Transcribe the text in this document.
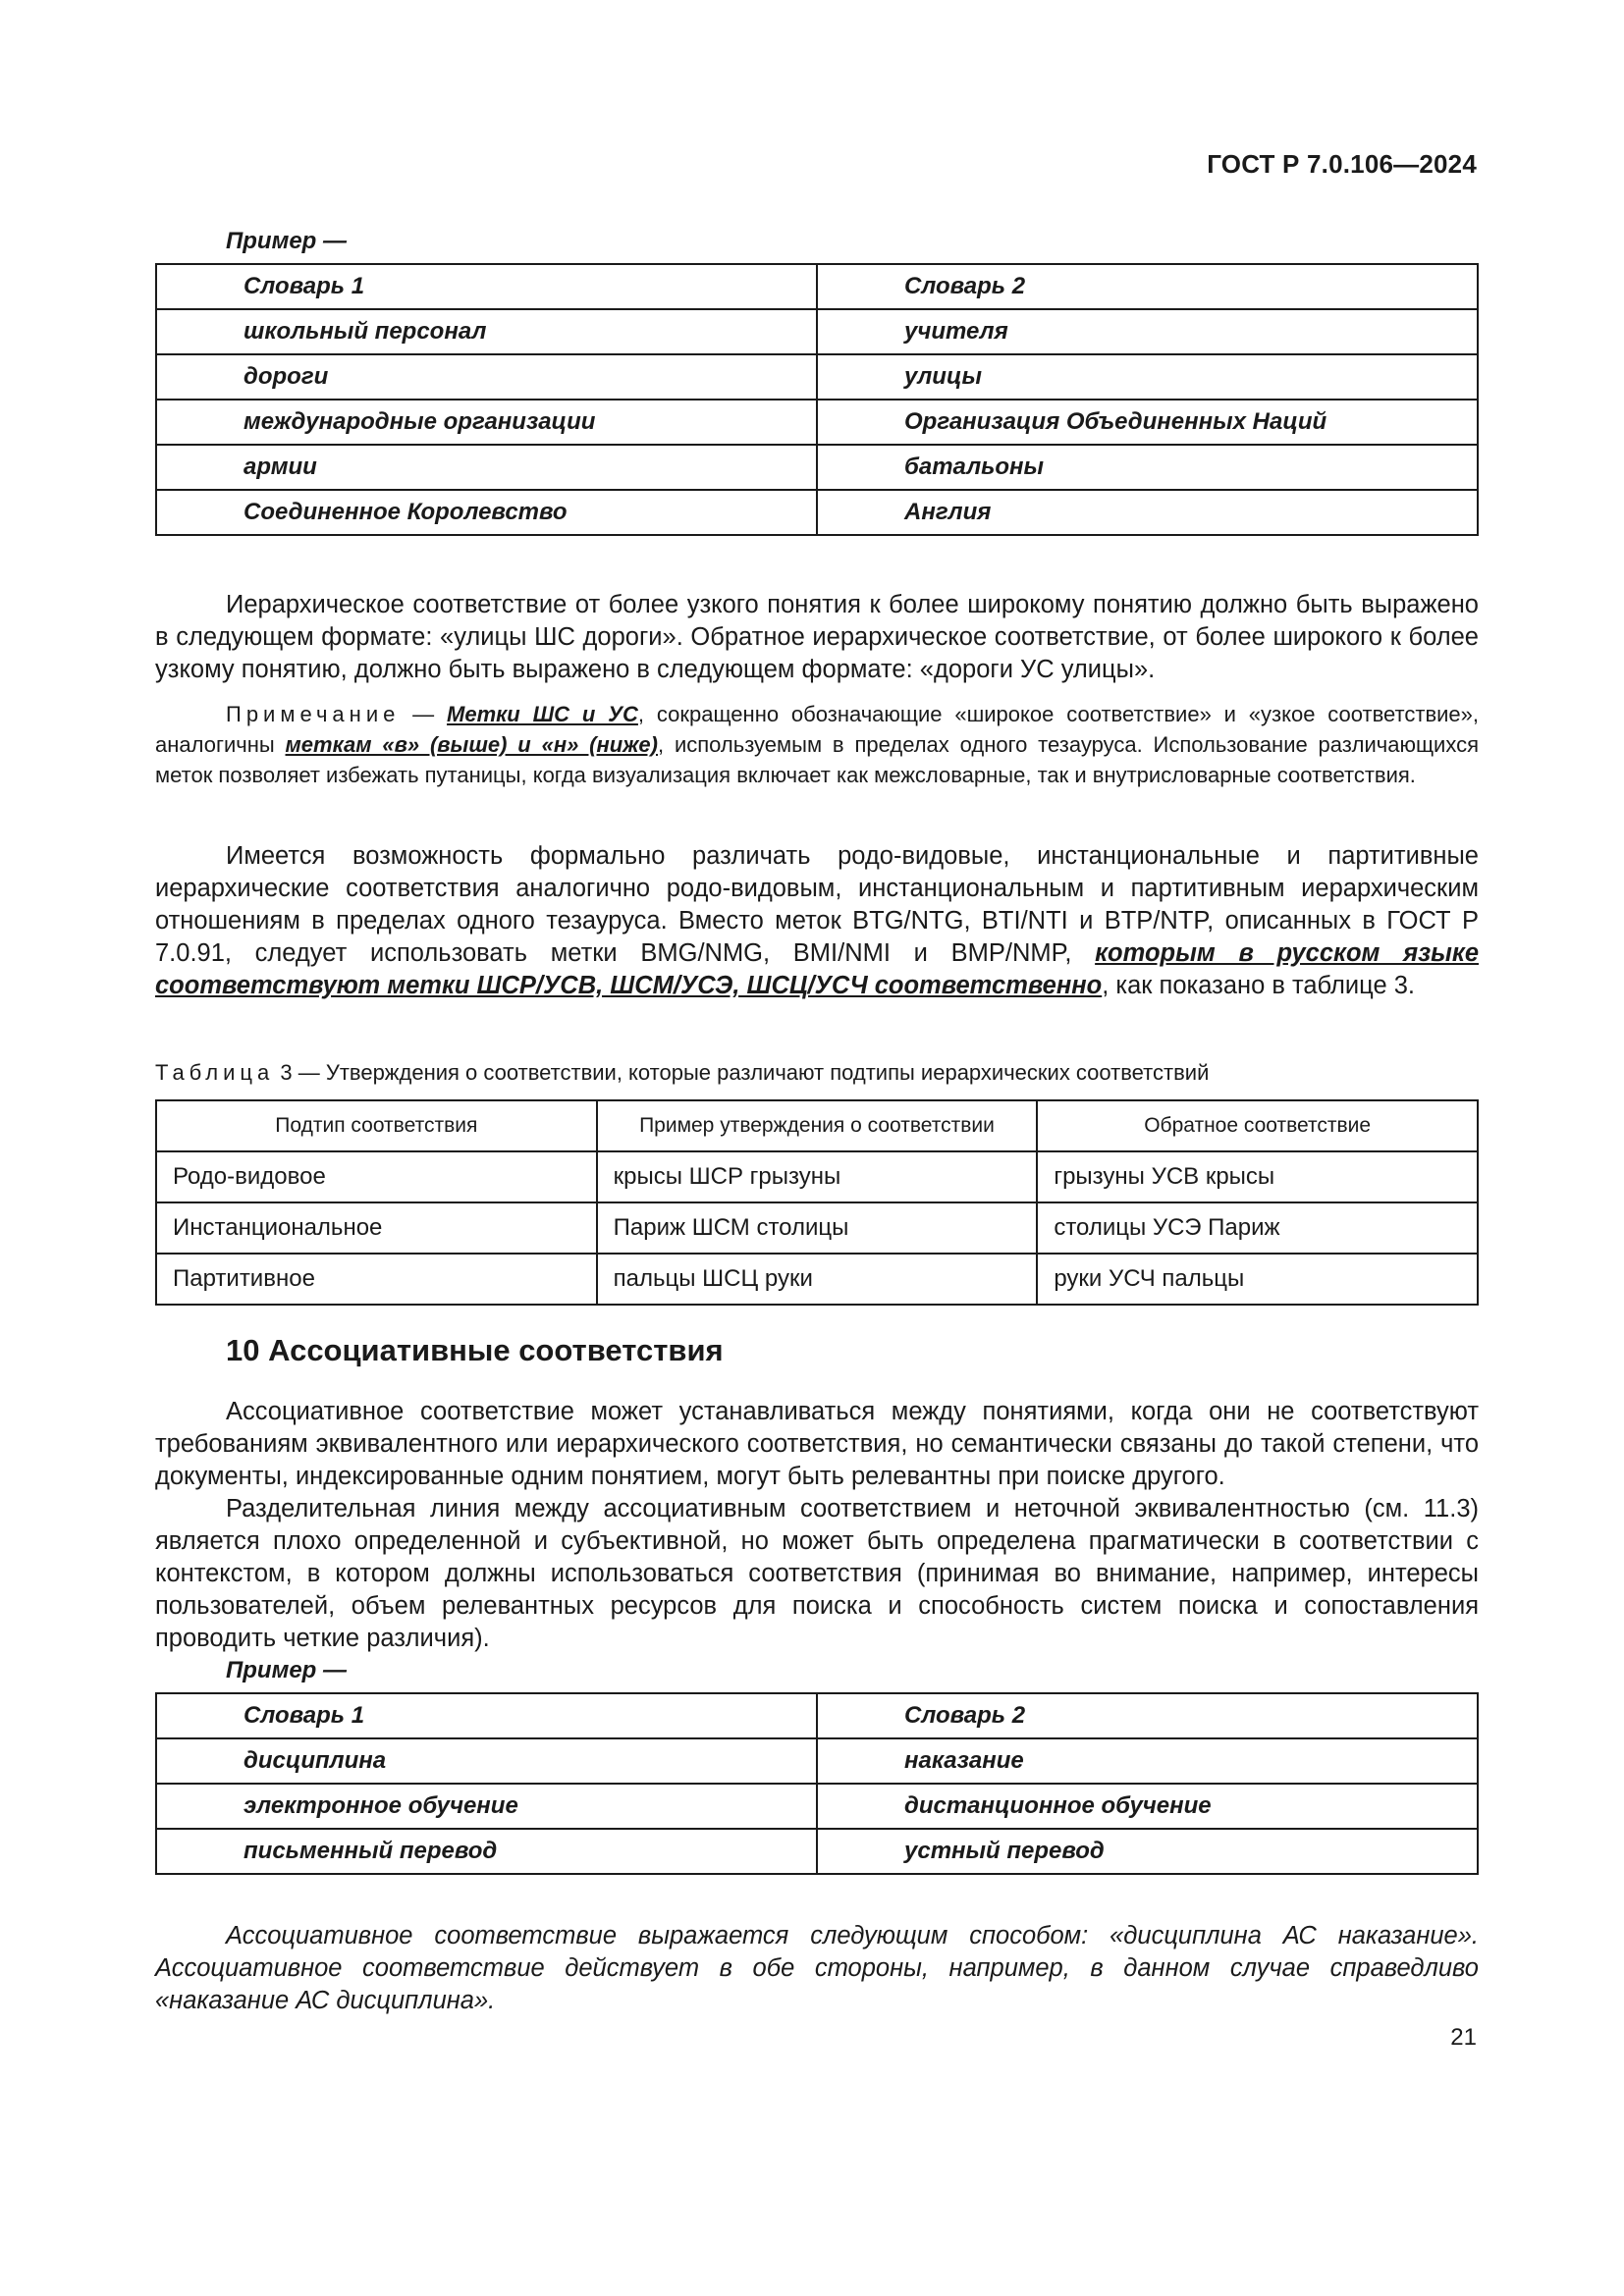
ГОСТ Р 7.0.106—2024
Пример —
Словарь 1	Словарь 2
школьный персонал	учителя
дороги	улицы
международные организации	Организация Объединенных Наций
армии	батальоны
Соединенное Королевство	Англия
Иерархическое соответствие от более узкого понятия к более широкому понятию должно быть выражено в следующем формате: «улицы ШС дороги». Обратное иерархическое соответствие, от более широкого к более узкому понятию, должно быть выражено в следующем формате: «дороги УС улицы».
Примечание — Метки ШС и УС, сокращенно обозначающие «широкое соответствие» и «узкое соответствие», аналогичны меткам «в» (выше) и «н» (ниже), используемым в пределах одного тезауруса. Использование различающихся меток позволяет избежать путаницы, когда визуализация включает как межсловарные, так и внутрисловарные соответствия.
Имеется возможность формально различать родо-видовые, инстанциональные и партитивные иерархические соответствия аналогично родо-видовым, инстанциональным и партитивным иерархическим отношениям в пределах одного тезауруса. Вместо меток BTG/NTG, BTI/NTI и BTP/NTP, описанных в ГОСТ Р 7.0.91, следует использовать метки BMG/NMG, BMI/NMI и BMP/NMP, которым в русском языке соответствуют метки ШСР/УСВ, ШСМ/УСЭ, ШСЦ/УСЧ соответственно, как показано в таблице 3.
Таблица 3 — Утверждения о соответствии, которые различают подтипы иерархических соответствий
Подтип соответствия	Пример утверждения о соответствии	Обратное соответствие
Родо-видовое	крысы ШСР грызуны	грызуны УСВ крысы
Инстанциональное	Париж ШСМ столицы	столицы УСЭ Париж
Партитивное	пальцы ШСЦ руки	руки УСЧ пальцы
10 Ассоциативные соответствия
Ассоциативное соответствие может устанавливаться между понятиями, когда они не соответствуют требованиям эквивалентного или иерархического соответствия, но семантически связаны до такой степени, что документы, индексированные одним понятием, могут быть релевантны при поиске другого.
Разделительная линия между ассоциативным соответствием и неточной эквивалентностью (см. 11.3) является плохо определенной и субъективной, но может быть определена прагматически в соответствии с контекстом, в котором должны использоваться соответствия (принимая во внимание, например, интересы пользователей, объем релевантных ресурсов для поиска и способность систем поиска и сопоставления проводить четкие различия).
Пример —
Словарь 1	Словарь 2
дисциплина	наказание
электронное обучение	дистанционное обучение
письменный перевод	устный перевод
Ассоциативное соответствие выражается следующим способом: «дисциплина АС наказание». Ассоциативное соответствие действует в обе стороны, например, в данном случае справедливо «наказание АС дисциплина».
21
